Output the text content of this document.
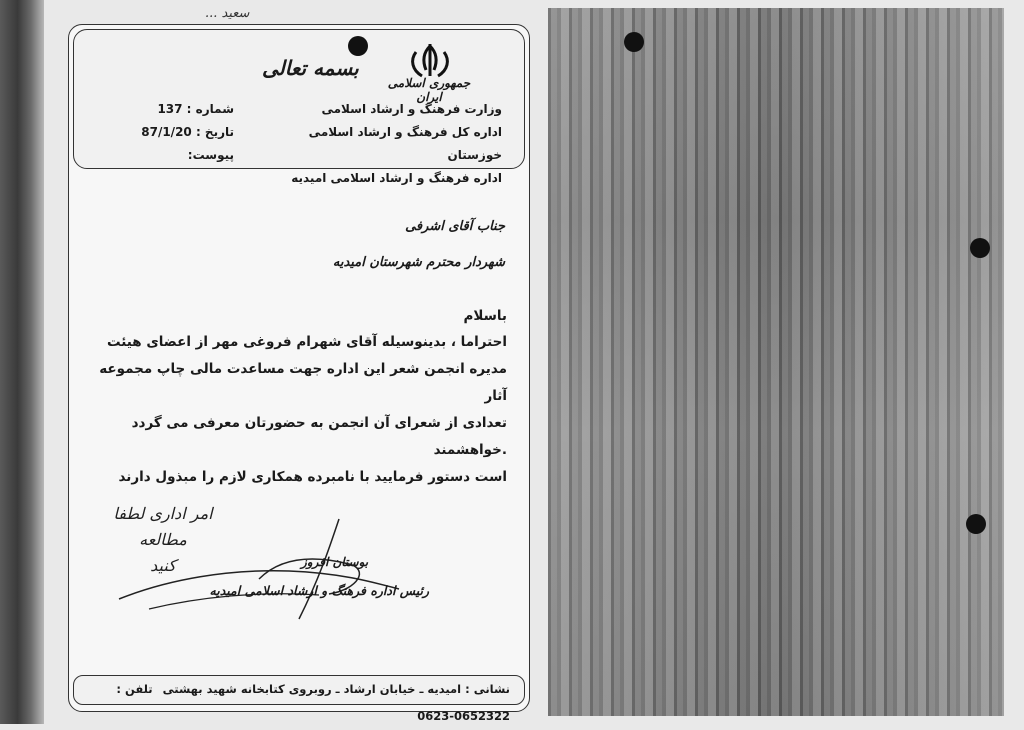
سعید ...
جمهوری اسلامی ایران
بسمه تعالی
وزارت فرهنگ و ارشاد اسلامی
اداره کل فرهنگ و ارشاد اسلامی خوزستان
اداره فرهنگ و ارشاد اسلامی امیدیه
شماره : 137
تاریخ : 87/1/20
پیوست:
جناب آقای اشرفی
شهردار محترم شهرستان امیدیه
باسلام

احتراما ، بدینوسیله آقای شهرام فروغی مهر از اعضای هیئت

مدیره انجمن شعر این اداره جهت مساعدت مالی چاپ مجموعه آثار

تعدادی از شعرای آن انجمن به حضورتان معرفی می گردد .خواهشمند

است دستور فرمایید با نامبرده همکاری لازم را مبذول دارند

امر اداری لطفا
مطالعه
کنید	بوستان افروز
رئیس اداره فرهنگ و ارشاد اسلامی امیدیه
نشانی : امیدیه ـ خیابان ارشاد ـ روبروی کتابخانه شهید بهشتی تلفن : 0652322-0623
